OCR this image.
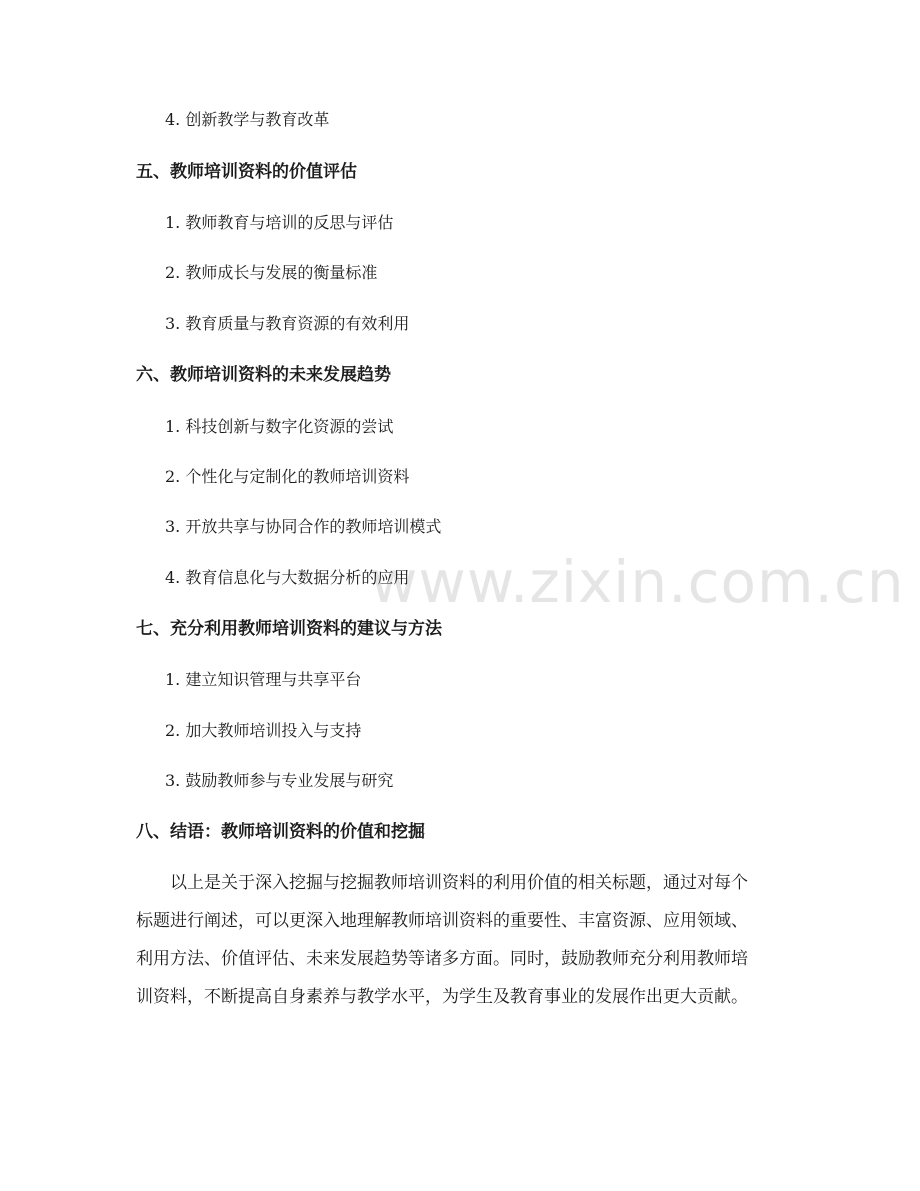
www.zixin.com.cn
4. 创新教学与教育改革
五、教师培训资料的价值评估
1. 教师教育与培训的反思与评估
2. 教师成长与发展的衡量标准
3. 教育质量与教育资源的有效利用
六、教师培训资料的未来发展趋势
1. 科技创新与数字化资源的尝试
2. 个性化与定制化的教师培训资料
3. 开放共享与协同合作的教师培训模式
4. 教育信息化与大数据分析的应用
七、充分利用教师培训资料的建议与方法
1. 建立知识管理与共享平台
2. 加大教师培训投入与支持
3. 鼓励教师参与专业发展与研究
八、结语：教师培训资料的价值和挖掘
以上是关于深入挖掘与挖掘教师培训资料的利用价值的相关标题，通过对每个
标题进行阐述，可以更深入地理解教师培训资料的重要性、丰富资源、应用领域、
利用方法、价值评估、未来发展趋势等诸多方面。同时，鼓励教师充分利用教师培
训资料，不断提高自身素养与教学水平，为学生及教育事业的发展作出更大贡献。
